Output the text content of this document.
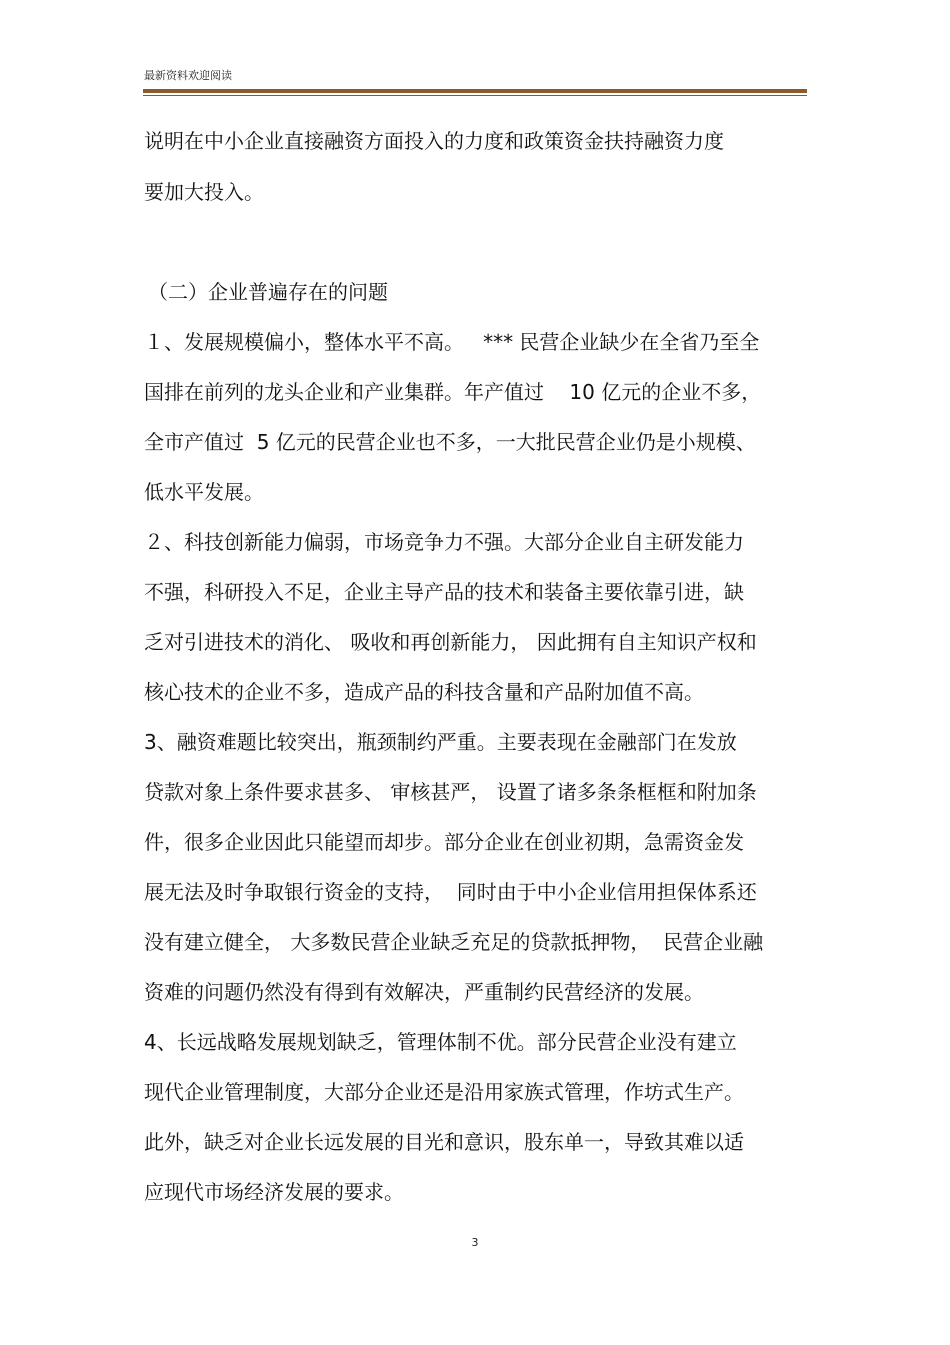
最新资料欢迎阅读
说明在中小企业直接融资方面投入的力度和政策资金扶持融资力度
要加大投入。
（二）企业普遍存在的问题
１、发展规模偏小，整体水平不高。   *** 民营企业缺少在全省乃至全
国排在前列的龙头企业和产业集群。年产值过    10 亿元的企业不多，
全市产值过  5 亿元的民营企业也不多，一大批民营企业仍是小规模、
低水平发展。
２、科技创新能力偏弱，市场竞争力不强。大部分企业自主研发能力
不强，科研投入不足，企业主导产品的技术和装备主要依靠引进，缺
乏对引进技术的消化、 吸收和再创新能力， 因此拥有自主知识产权和
核心技术的企业不多，造成产品的科技含量和产品附加值不高。
3、融资难题比较突出，瓶颈制约严重。主要表现在金融部门在发放
贷款对象上条件要求甚多、 审核甚严， 设置了诸多条条框框和附加条
件，很多企业因此只能望而却步。部分企业在创业初期，急需资金发
展无法及时争取银行资金的支持，  同时由于中小企业信用担保体系还
没有建立健全， 大多数民营企业缺乏充足的贷款抵押物，  民营企业融
资难的问题仍然没有得到有效解决，严重制约民营经济的发展。
4、长远战略发展规划缺乏，管理体制不优。部分民营企业没有建立
现代企业管理制度，大部分企业还是沿用家族式管理，作坊式生产。
此外，缺乏对企业长远发展的目光和意识，股东单一，导致其难以适
应现代市场经济发展的要求。
3
